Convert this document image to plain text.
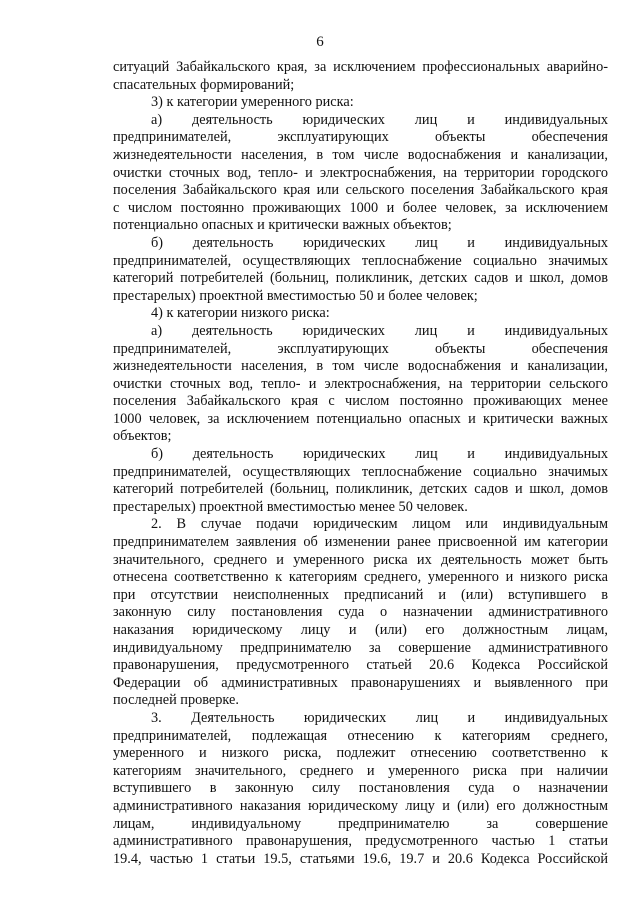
6
ситуаций Забайкальского края, за исключением профессиональных аварийно-
спасательных формирований;
3) к категории умеренного риска:
а) деятельность юридических лиц и индивидуальных
предпринимателей, эксплуатирующих объекты обеспечения
жизнедеятельности населения, в том числе водоснабжения и канализации,
очистки сточных вод, тепло- и электроснабжения, на территории городского
поселения Забайкальского края или сельского поселения Забайкальского края
с числом постоянно проживающих 1000 и более человек, за исключением
потенциально опасных и критически важных объектов;
б) деятельность юридических лиц и индивидуальных
предпринимателей, осуществляющих теплоснабжение социально значимых
категорий потребителей (больниц, поликлиник, детских садов и школ, домов
престарелых) проектной вместимостью 50 и более человек;
4) к категории низкого риска:
а) деятельность юридических лиц и индивидуальных
предпринимателей, эксплуатирующих объекты обеспечения
жизнедеятельности населения, в том числе водоснабжения и канализации,
очистки сточных вод, тепло- и электроснабжения, на территории сельского
поселения Забайкальского края с числом постоянно проживающих менее
1000 человек, за исключением потенциально опасных и критически важных
объектов;
б) деятельность юридических лиц и индивидуальных
предпринимателей, осуществляющих теплоснабжение социально значимых
категорий потребителей (больниц, поликлиник, детских садов и школ, домов
престарелых) проектной вместимостью менее 50 человек.
2. В случае подачи юридическим лицом или индивидуальным
предпринимателем заявления об изменении ранее присвоенной им категории
значительного, среднего и умеренного риска их деятельность может быть
отнесена соответственно к категориям среднего, умеренного и низкого риска
при отсутствии неисполненных предписаний и (или) вступившего в
законную силу постановления суда о назначении административного
наказания юридическому лицу и (или) его должностным лицам,
индивидуальному предпринимателю за совершение административного
правонарушения, предусмотренного статьей 20.6 Кодекса Российской
Федерации об административных правонарушениях и выявленного при
последней проверке.
3. Деятельность юридических лиц и индивидуальных
предпринимателей, подлежащая отнесению к категориям среднего,
умеренного и низкого риска, подлежит отнесению соответственно к
категориям значительного, среднего и умеренного риска при наличии
вступившего в законную силу постановления суда о назначении
административного наказания юридическому лицу и (или) его должностным
лицам, индивидуальному предпринимателю за совершение
административного правонарушения, предусмотренного частью 1 статьи
19.4, частью 1 статьи 19.5, статьями 19.6, 19.7 и 20.6 Кодекса Российской
